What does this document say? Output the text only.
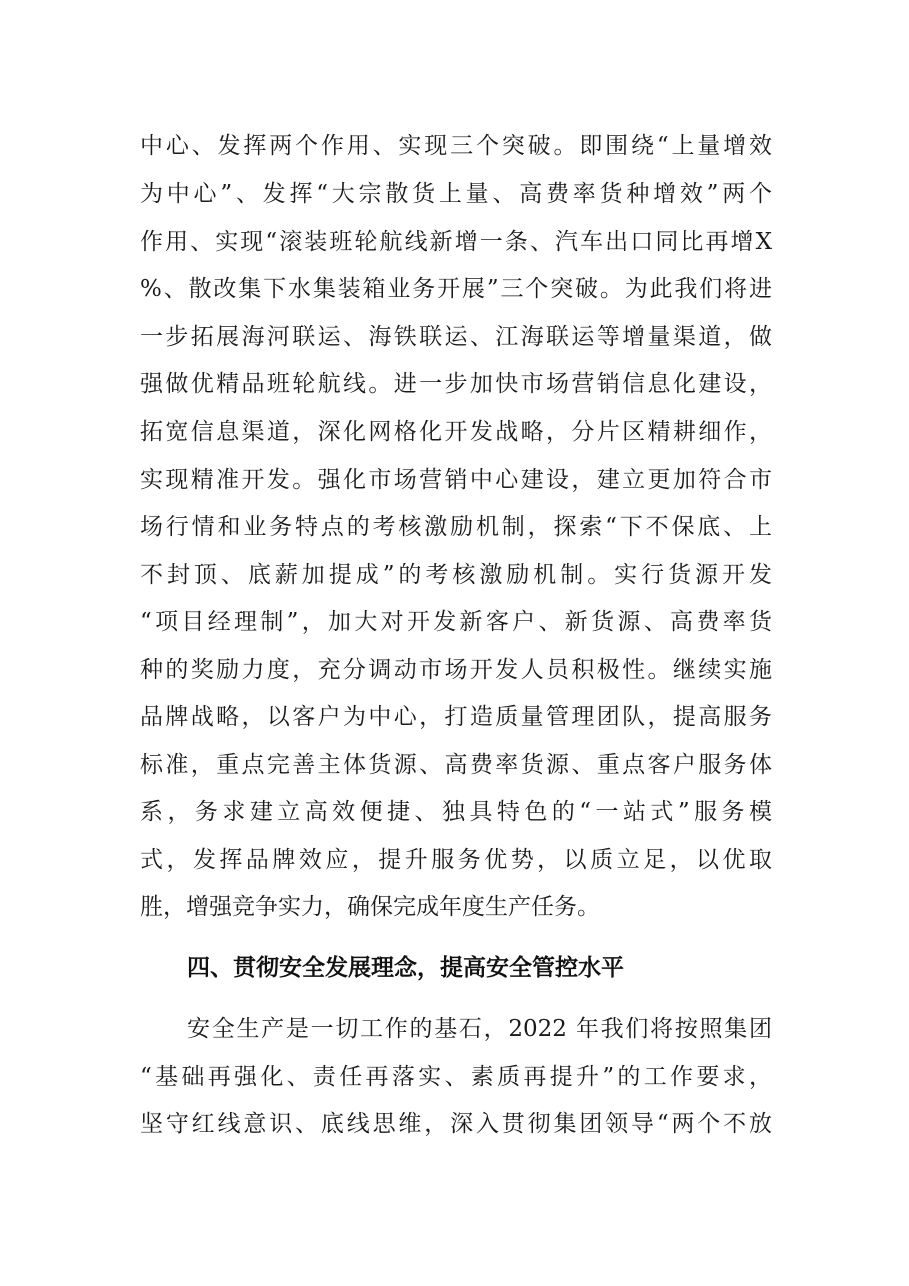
中心、发挥两个作用、实现三个突破。即围绕“上量增效
为中心”、发挥“大宗散货上量、高费率货种增效”两个
作用、实现“滚装班轮航线新增一条、汽车出口同比再增X
%、散改集下水集装箱业务开展”三个突破。为此我们将进
一步拓展海河联运、海铁联运、江海联运等增量渠道，做
强做优精品班轮航线。进一步加快市场营销信息化建设，
拓宽信息渠道，深化网格化开发战略，分片区精耕细作，
实现精准开发。强化市场营销中心建设，建立更加符合市
场行情和业务特点的考核激励机制，探索“下不保底、上
不封顶、底薪加提成”的考核激励机制。实行货源开发
“项目经理制”，加大对开发新客户、新货源、高费率货
种的奖励力度，充分调动市场开发人员积极性。继续实施
品牌战略，以客户为中心，打造质量管理团队，提高服务
标准，重点完善主体货源、高费率货源、重点客户服务体
系，务求建立高效便捷、独具特色的“一站式”服务模
式，发挥品牌效应，提升服务优势，以质立足，以优取
胜，增强竞争实力，确保完成年度生产任务。
四、贯彻安全发展理念，提高安全管控水平
安全生产是一切工作的基石，2022 年我们将按照集团
“基础再强化、责任再落实、素质再提升”的工作要求，
坚守红线意识、底线思维，深入贯彻集团领导“两个不放
